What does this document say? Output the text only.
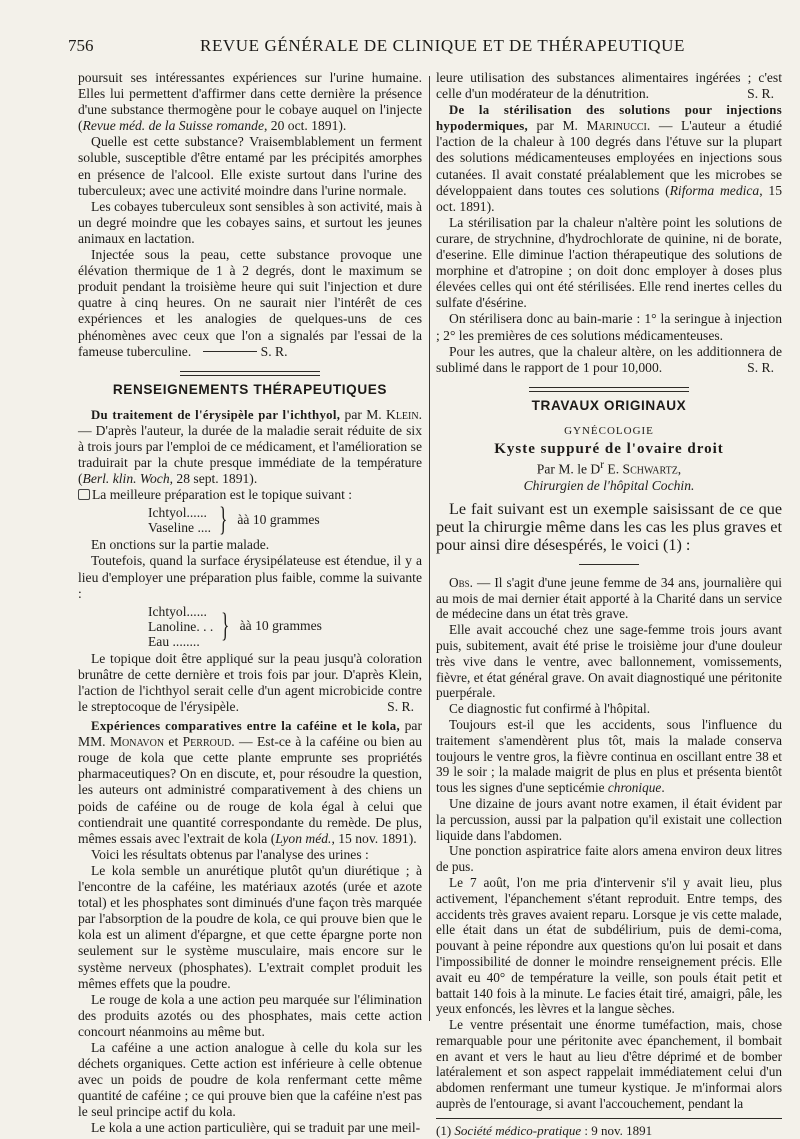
756	REVUE GÉNÉRALE DE CLINIQUE ET DE THÉRAPEUTIQUE

poursuit ses intéressantes expériences sur l'urine humaine. Elles lui permettent d'affirmer dans cette dernière la présence d'une substance thermogène pour le cobaye auquel on l'injecte (Revue méd. de la Suisse romande, 20 oct. 1891).

Quelle est cette substance? Vraisemblablement un ferment soluble, susceptible d'être entamé par les précipités amorphes en présence de l'alcool. Elle existe surtout dans l'urine des tuberculeux; avec une activité moindre dans l'urine normale.

Les cobayes tuberculeux sont sensibles à son activité, mais à un degré moindre que les cobayes sains, et surtout les jeunes animaux en lactation.

Injectée sous la peau, cette substance provoque une élévation thermique de 1 à 2 degrés, dont le maximum se produit pendant la troisième heure qui suit l'injection et dure quatre à cinq heures. On ne saurait nier l'intérêt de ces expériences et les analogies de quelques-uns de ces phénomènes avec ceux que l'on a signalés par l'essai de la fameuse tuberculine.	S. R.

RENSEIGNEMENTS THÉRAPEUTIQUES

Du traitement de l'érysipèle par l'ichthyol, par M. Klein. — D'après l'auteur, la durée de la maladie serait réduite de six à trois jours par l'emploi de ce médicament, et l'amélioration se traduirait par la chute presque immédiate de la température (Berl. klin. Woch, 28 sept. 1891).

La meilleure préparation est le topique suivant :

Ichtyol......
Vaseline .... } àà 10 grammes

En onctions sur la partie malade.

Toutefois, quand la surface érysipélateuse est étendue, il y a lieu d'employer une préparation plus faible, comme la suivante :

Ichtyol......
Lanoline. . .
Eau ........ } àà 10 grammes

Le topique doit être appliqué sur la peau jusqu'à coloration brunâtre de cette dernière et trois fois par jour. D'après Klein, l'action de l'ichthyol serait celle d'un agent microbicide contre le streptocoque de l'érysipèle.	S. R.

Expériences comparatives entre la caféine et le kola, par MM. Monavon et Perroud. — Est-ce à la caféine ou bien au rouge de kola que cette plante emprunte ses propriétés pharmaceutiques? On en discute, et, pour résoudre la question, les auteurs ont administré comparativement à des chiens un poids de caféine ou de rouge de kola égal à celui que contiendrait une quantité correspondante du remède. De plus, mêmes essais avec l'extrait de kola (Lyon méd., 15 nov. 1891).

Voici les résultats obtenus par l'analyse des urines :

Le kola semble un anurétique plutôt qu'un diurétique ; à l'encontre de la caféine, les matériaux azotés (urée et azote total) et les phosphates sont diminués d'une façon très marquée par l'absorption de la poudre de kola, ce qui prouve bien que le kola est un aliment d'épargne, et que cette épargne porte non seulement sur le système musculaire, mais encore sur le système nerveux (phosphates). L'extrait complet produit les mêmes effets que la poudre.

Le rouge de kola a une action peu marquée sur l'élimination des produits azotés ou des phosphates, mais cette action concourt néanmoins au même but.

La caféine a une action analogue à celle du kola sur les déchets organiques. Cette action est inférieure à celle obtenue avec un poids de poudre de kola renfermant cette même quantité de caféine ; ce qui prouve bien que la caféine n'est pas le seul principe actif du kola.

Le kola a une action particulière, qui se traduit par une meil-

leure utilisation des substances alimentaires ingérées ; c'est celle d'un modérateur de la dénutrition.	S. R.

De la stérilisation des solutions pour injections hypodermiques, par M. Marinucci. — L'auteur a étudié l'action de la chaleur à 100 degrés dans l'étuve sur la plupart des solutions médicamenteuses employées en injections sous cutanées. Il avait constaté préalablement que les microbes se développaient dans toutes ces solutions (Riforma medica, 15 oct. 1891).

La stérilisation par la chaleur n'altère point les solutions de curare, de strychnine, d'hydrochlorate de quinine, ni de borate, d'eserine. Elle diminue l'action thérapeutique des solutions de morphine et d'atropine ; on doit donc employer à doses plus élevées celles qui ont été stérilisées. Elle rend inertes celles du sulfate d'ésérine.

On stérilisera donc au bain-marie : 1° la seringue à injection ; 2° les premières de ces solutions médicamenteuses.

Pour les autres, que la chaleur altère, on les additionnera de sublimé dans le rapport de 1 pour 10,000.	S. R.

TRAVAUX ORIGINAUX
GYNÉCOLOGIE
Kyste suppuré de l'ovaire droit
Par M. le $D^r$ E. Schwartz,
Chirurgien de l'hôpital Cochin.

Le fait suivant est un exemple saisissant de ce que peut la chirurgie même dans les cas les plus graves et pour ainsi dire désespérés, le voici (1) :

Obs. — Il s'agit d'une jeune femme de 34 ans, journalière qui au mois de mai dernier était apporté à la Charité dans un service de médecine dans un état très grave.

Elle avait accouché chez une sage-femme trois jours avant puis, subitement, avait été prise le troisième jour d'une douleur très vive dans le ventre, avec ballonnement, vomissements, fièvre, et état général grave. On avait diagnostiqué une péritonite puerpérale.

Ce diagnostic fut confirmé à l'hôpital.

Toujours est-il que les accidents, sous l'influence du traitement s'amendèrent plus tôt, mais la malade conserva toujours le ventre gros, la fièvre continua en oscillant entre 38 et 39 le soir ; la malade maigrit de plus en plus et présenta bientôt tous les signes d'une septicémie chronique.

Une dizaine de jours avant notre examen, il était évident par la percussion, aussi par la palpation qu'il existait une collection liquide dans l'abdomen.

Une ponction aspiratrice faite alors amena environ deux litres de pus.

Le 7 août, l'on me pria d'intervenir s'il y avait lieu, plus activement, l'épanchement s'étant reproduit. Entre temps, des accidents très graves avaient reparu. Lorsque je vis cette malade, elle était dans un état de subdélirium, puis de demi-coma, pouvant à peine répondre aux questions qu'on lui posait et dans l'impossibilité de donner le moindre renseignement précis. Elle avait eu 40° de température la veille, son pouls était petit et battait 140 fois à la minute. Le facies était tiré, amaigri, pâle, les yeux enfoncés, les lèvres et la langue sèches.

Le ventre présentait une énorme tuméfaction, mais, chose remarquable pour une péritonite avec épanchement, il bombait en avant et vers le haut au lieu d'être déprimé et de bomber latéralement et son aspect rappelait immédiatement celui d'un abdomen renfermant une tumeur kystique. Je m'informai alors auprès de l'entourage, si avant l'accouchement, pendant la

(1) Société médico-pratique : 9 nov. 1891
